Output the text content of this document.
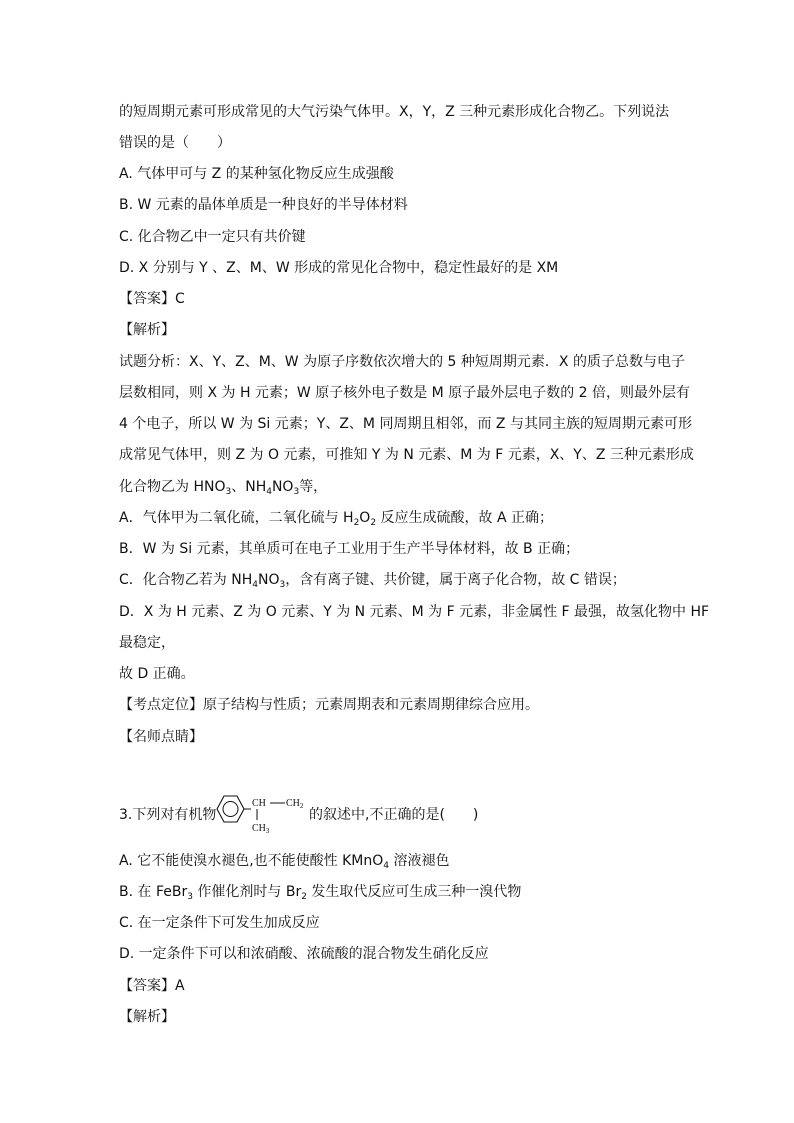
的短周期元素可形成常见的大气污染气体甲。X，Y，Z 三种元素形成化合物乙。下列说法
错误的是（　　）
A. 气体甲可与 Z 的某种氢化物反应生成强酸
B. W 元素的晶体单质是一种良好的半导体材料
C. 化合物乙中一定只有共价键
D. X 分别与 Y 、Z、M、W 形成的常见化合物中，稳定性最好的是 XM
【答案】C
【解析】
试题分析：X、Y、Z、M、W 为原子序数依次增大的 5 种短周期元素．X 的质子总数与电子
层数相同，则 X 为 H 元素；W 原子核外电子数是 M 原子最外层电子数的 2 倍，则最外层有
4 个电子，所以 W 为 Si 元素；Y、Z、M 同周期且相邻，而 Z 与其同主族的短周期元素可形
成常见气体甲，则 Z 为 O 元素，可推知 Y 为 N 元素、M 为 F 元素，X、Y、Z 三种元素形成
化合物乙为 $HNO_3$、$NH_4NO_3$等，
A．气体甲为二氧化硫，二氧化硫与 $H_2O_2$ 反应生成硫酸，故 A 正确；
B．W 为 Si 元素，其单质可在电子工业用于生产半导体材料，故 B 正确；
C．化合物乙若为 $NH_4NO_3$，含有离子键、共价键，属于离子化合物，故 C 错误；
D．X 为 H 元素、Z 为 O 元素、Y 为 N 元素、M 为 F 元素，非金属性 F 最强，故氢化物中 HF
最稳定，
故 D 正确。
【考点定位】原子结构与性质；元素周期表和元素周期律综合应用。
【名师点睛】
3.下列对有机物
CH $CH_2$
$CH_3$
的叙述中,不正确的是(　　)
A. 它不能使溴水褪色,也不能使酸性 KMnO$_4$ 溶液褪色
B. 在 FeBr$_3$ 作催化剂时与 $Br_2$ 发生取代反应可生成三种一溴代物
C. 在一定条件下可发生加成反应
D. 一定条件下可以和浓硝酸、浓硫酸的混合物发生硝化反应
【答案】A
【解析】
